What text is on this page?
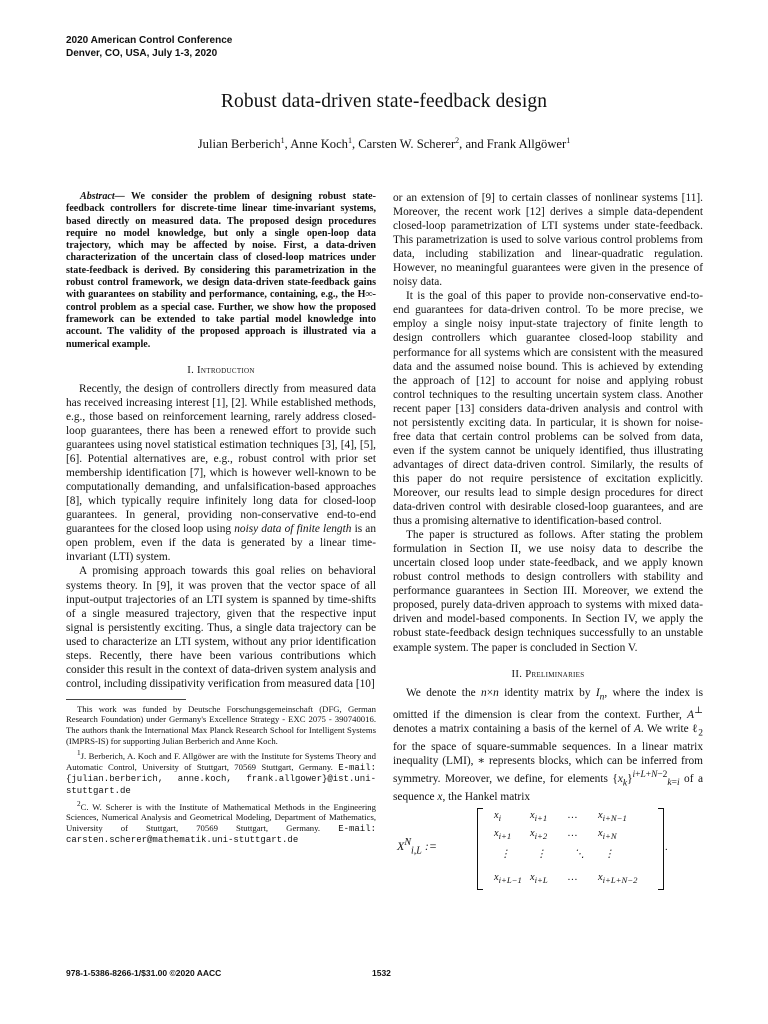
2020 American Control Conference
Denver, CO, USA, July 1-3, 2020
Robust data-driven state-feedback design
Julian Berberich$^1$, Anne Koch$^1$, Carsten W. Scherer$^2$, and Frank Allgöwer$^1$

Abstract— We consider the problem of designing robust state-feedback controllers for discrete-time linear time-invariant systems, based directly on measured data. The proposed design procedures require no model knowledge, but only a single open-loop data trajectory, which may be affected by noise. First, a data-driven characterization of the uncertain class of closed-loop matrices under state-feedback is derived. By considering this parametrization in the robust control framework, we design data-driven state-feedback gains with guarantees on stability and performance, containing, e.g., the H∞-control problem as a special case. Further, we show how the proposed framework can be extended to take partial model knowledge into account. The validity of the proposed approach is illustrated via a numerical example.

I. Introduction

Recently, the design of controllers directly from measured data has received increasing interest [1], [2]. While established methods, e.g., those based on reinforcement learning, rarely address closed-loop guarantees, there has been a renewed effort to provide such guarantees using novel statistical estimation techniques [3], [4], [5], [6]. Potential alternatives are, e.g., robust control with prior set membership identification [7], which is however well-known to be computationally demanding, and unfalsification-based approaches [8], which typically require infinitely long data for closed-loop guarantees. In general, providing non-conservative end-to-end guarantees for the closed loop using noisy data of finite length is an open problem, even if the data is generated by a linear time-invariant (LTI) system.

A promising approach towards this goal relies on behavioral systems theory. In [9], it was proven that the vector space of all input-output trajectories of an LTI system is spanned by time-shifts of a single measured trajectory, given that the respective input signal is persistently exciting. Thus, a single data trajectory can be used to characterize an LTI system, without any prior identification steps. Recently, there have been various contributions which consider this result in the context of data-driven system analysis and control, including dissipativity verification from measured data [10]

This work was funded by Deutsche Forschungsgemeinschaft (DFG, German Research Foundation) under Germany's Excellence Strategy - EXC 2075 - 390740016. The authors thank the International Max Planck Research School for Intelligent Systems (IMPRS-IS) for supporting Julian Berberich and Anne Koch.

$^1$J. Berberich, A. Koch and F. Allgöwer are with the Institute for Systems Theory and Automatic Control, University of Stuttgart, 70569 Stuttgart, Germany. E-mail: {julian.berberich, anne.koch, frank.allgower}@ist.uni-stuttgart.de

$^2$C. W. Scherer is with the Institute of Mathematical Methods in the Engineering Sciences, Numerical Analysis and Geometrical Modeling, Department of Mathematics, University of Stuttgart, 70569 Stuttgart, Germany. E-mail: carsten.scherer@mathematik.uni-stuttgart.de

or an extension of [9] to certain classes of nonlinear systems [11]. Moreover, the recent work [12] derives a simple data-dependent closed-loop parametrization of LTI systems under state-feedback. This parametrization is used to solve various control problems from data, including stabilization and linear-quadratic regulation. However, no meaningful guarantees were given in the presence of noisy data.

It is the goal of this paper to provide non-conservative end-to-end guarantees for data-driven control. To be more precise, we employ a single noisy input-state trajectory of finite length to design controllers which guarantee closed-loop stability and performance for all systems which are consistent with the measured data and the assumed noise bound. This is achieved by extending the approach of [12] to account for noise and applying robust control techniques to the resulting uncertain system class. Another recent paper [13] considers data-driven analysis and control with not persistently exciting data. In particular, it is shown for noise-free data that certain control problems can be solved from data, even if the system cannot be uniquely identified, thus illustrating advantages of direct data-driven control. Similarly, the results of this paper do not require persistence of excitation explicitly. Moreover, our results lead to simple design procedures for direct data-driven control with desirable closed-loop guarantees, and are thus a promising alternative to identification-based control.

The paper is structured as follows. After stating the problem formulation in Section II, we use noisy data to describe the uncertain closed loop under state-feedback, and we apply known robust control methods to design controllers with stability and performance guarantees in Section III. Moreover, we extend the proposed, purely data-driven approach to systems with mixed data-driven and model-based components. In Section IV, we apply the robust state-feedback design techniques successfully to an unstable example system. The paper is concluded in Section V.

II. Preliminaries

We denote the n×n identity matrix by $I_n$, where the index is omitted if the dimension is clear from the context. Further, A⊥ denotes a matrix containing a basis of the kernel of A. We write ℓ$_2$ for the space of square-summable sequences. In a linear matrix inequality (LMI), ∗ represents blocks, which can be inferred from symmetry. Moreover, we define, for elements $\{x_k\}^{i+L+N-2}_{k=i}$ of a sequence x, the Hankel matrix

$X^N_{i,L}$ :=	.
$x_i$	$x_{i+1}$ … $x_{i+N-1}$
$x_{i+1}$ $x_{i+2}$ … $x_{i+N}$
⋮ ⋮	⋱ ⋮
$x_{i+L-1}$ $x_{i+L}$ … $x_{i+L+N-2}$
978-1-5386-8266-1/$31.00 ©2020 AACC	1532
